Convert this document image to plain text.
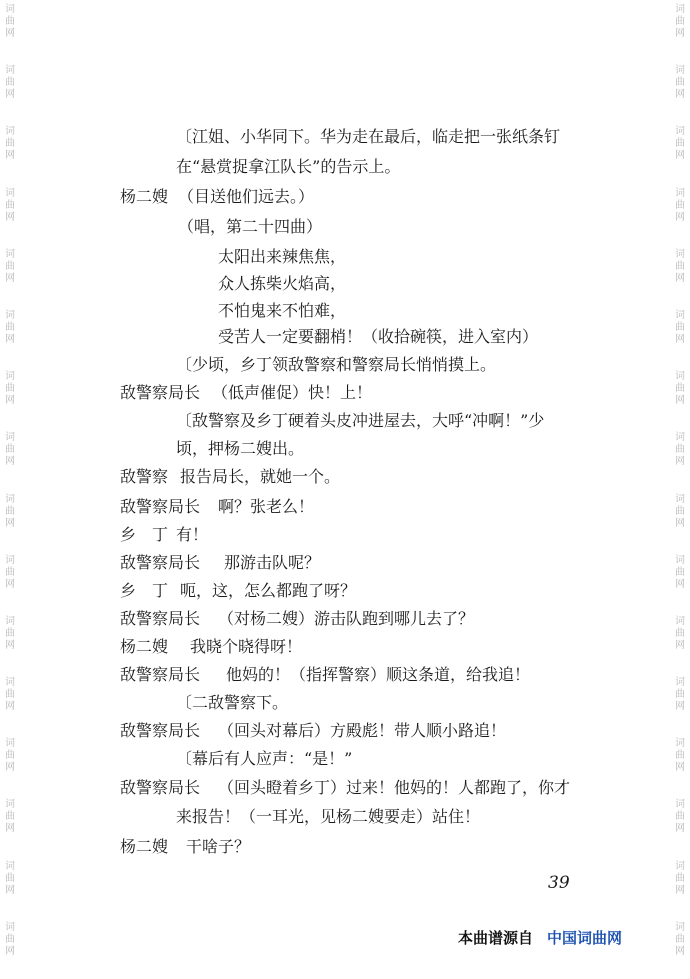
词
曲
网
词
曲
网
词
曲
网
词
曲
网
词
曲
网
词
曲
网
词
曲
网
词
曲
网
词
曲
网
词
曲
网
词
曲
网
词
曲
网
词
曲
网
词
曲
网
词
曲
网
词
曲
网
词
曲
网
词
曲
网
词
曲
网
词
曲
网
词
曲
网
词
曲
网
词
曲
网
词
曲
网
词
曲
网
词
曲
网
词
曲
网
词
曲
网
词
曲
网
词
曲
网
词
曲
网
词
曲
网
〔江姐、小华同下。华为走在最后，临走把一张纸条钉
在“悬赏捉拿江队长”的告示上。
杨二嫂 （目送他们远去。）
（唱，第二十四曲）
太阳出来辣焦焦，
众人拣柴火焰高，
不怕鬼来不怕难，
受苦人一定要翻梢！（收拾碗筷，进入室内）
〔少顷，乡丁领敌警察和警察局长悄悄摸上。
敌警察局长 （低声催促）快！上！
〔敌警察及乡丁硬着头皮冲进屋去，大呼“冲啊！”少
顷，押杨二嫂出。
敌警察 报告局长，就她一个。
敌警察局长 啊？张老么！
乡　丁 有！
敌警察局长 那游击队呢？
乡　丁 呃，这，怎么都跑了呀？
敌警察局长 （对杨二嫂）游击队跑到哪儿去了？
杨二嫂 我晓个晓得呀！
敌警察局长 他妈的！（指挥警察）顺这条道，给我追！
〔二敌警察下。
敌警察局长 （回头对幕后）方殿彪！带人顺小路追！
〔幕后有人应声：“是！”
敌警察局长 （回头瞪着乡丁）过来！他妈的！人都跑了，你才
来报告！（一耳光，见杨二嫂要走）站住！
杨二嫂 干啥子？
39
本曲谱源自 中国词曲网
